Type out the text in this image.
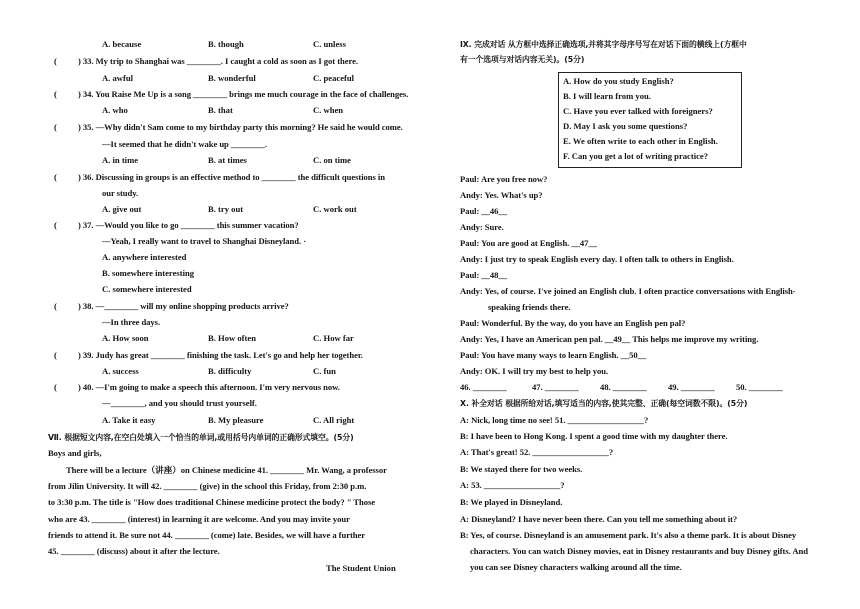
A. because	B. though	C. unless
( ) 33. My trip to Shanghai was ________. I caught a cold as soon as I got there.
A. awful	B. wonderful	C. peaceful
( ) 34. You Raise Me Up is a song ________ brings me much courage in the face of challenges.
A. who	B. that	C. when
( ) 35. —Why didn't Sam come to my birthday party this morning? He said he would come.
—It seemed that he didn't wake up ________.
A. in time	B. at times	C. on time
( ) 36. Discussing in groups is an effective method to ________ the difficult questions in
our study.
A. give out	B. try out	C. work out
( ) 37. —Would you like to go ________ this summer vacation?
—Yeah, I really want to travel to Shanghai Disneyland. ·
A. anywhere interested
B. somewhere interesting
C. somewhere interested
( ) 38. —________ will my online shopping products arrive?
—In three days.
A. How soon	B. How often	C. How far
( ) 39. Judy has great ________ finishing the task. Let's go and help her together.
A. success	B. difficulty	C. fun
( ) 40. —I'm going to make a speech this afternoon. I'm very nervous now.
—________, and you should trust yourself.
A. Take it easy	B. My pleasure	C. All right
Ⅶ. 根据短文内容,在空白处填入一个恰当的单词,或用括号内单词的正确形式填空。(5分)
Boys and girls,
There will be a lecture（讲座）on Chinese medicine 41. ________ Mr. Wang, a professor
from Jilin University. It will 42. ________ (give) in the school this Friday, from 2:30 p.m.
to 3:30 p.m. The title is "How does traditional Chinese medicine protect the body? " Those
who are 43. ________ (interest) in learning it are welcome. And you may invite your
friends to attend it. Be sure not 44. ________ (come) late. Besides, we will have a further
45. ________ (discuss) about it after the lecture.
The Student Union
Ⅸ. 完成对话 从方框中选择正确选项,并将其字母序号写在对话下面的横线上(方框中
有一个选项与对话内容无关)。(5分)
A. How do you study English?
B. I will learn from you.
C. Have you ever talked with foreigners?
D. May I ask you some questions?
E. We often write to each other in English.
F. Can you get a lot of writing practice?
Paul: Are you free now?
Andy: Yes. What's up?
Paul: __46__
Andy: Sure.
Paul: You are good at English. __47__
Andy: I just try to speak English every day. I often talk to others in English.
Paul: __48__
Andy: Yes, of course. I've joined an English club. I often practice conversations with English-
speaking friends there.
Paul: Wonderful. By the way, do you have an English pen pal?
Andy: Yes, I have an American pen pal. __49__ This helps me improve my writing.
Paul: You have many ways to learn English. __50__
Andy: OK. I will try my best to help you.
46. ________	47. ________ 48. ________ 49. ________ 50. ________
Ⅹ. 补全对话 根据所给对话,填写适当的内容,使其完整、正确(每空词数不限)。(5分)
A: Nick, long time no see! 51. __________________?
B: I have been to Hong Kong. I spent a good time with my daughter there.
A: That's great! 52. __________________?
B: We stayed there for two weeks.
A: 53. __________________?
B: We played in Disneyland.
A: Disneyland? I have never been there. Can you tell me something about it?
B: Yes, of course. Disneyland is an amusement park. It's also a theme park. It is about Disney
characters. You can watch Disney movies, eat in Disney restaurants and buy Disney gifts. And
you can see Disney characters walking around all the time.
